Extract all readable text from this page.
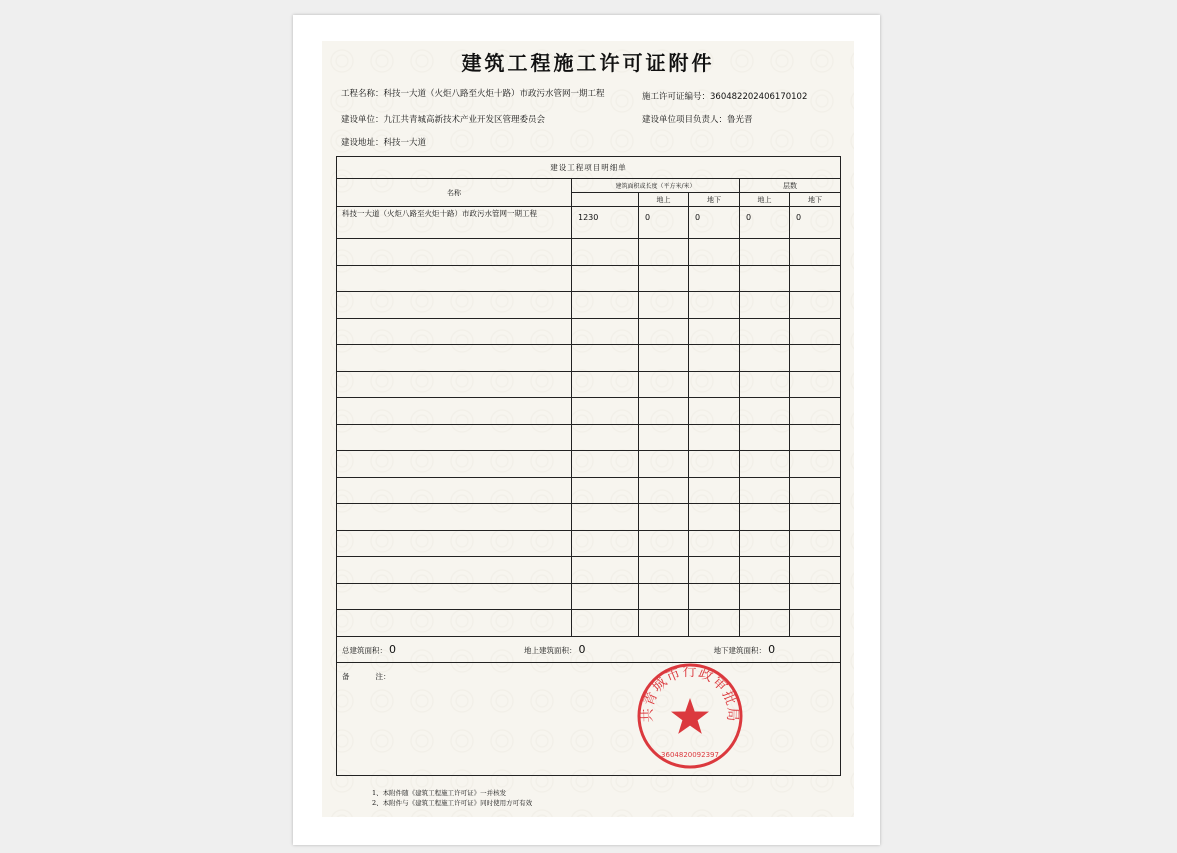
建筑工程施工许可证附件
工程名称： 科技一大道（火炬八路至火炬十路）市政污水管网一期工程	施工许可证编号：360482202406170102
建设单位：九江共青城高新技术产业开发区管理委员会	建设单位项目负责人：鲁光晋
建设地址：科技一大道
建设工程项目明细单					
名称	建筑面积或长度（平方米/米）			层数	
		地上	地下	地上	地下
科技一大道（火炬八路至火炬十路）市政污水管网一期工程	1230	0	0	0	0

总建筑面积： 0 地上建筑面积： 0 地下建筑面积： 0					

备 注：					
1、本附件随《建筑工程施工许可证》一并核发
2、本附件与《建筑工程施工许可证》同时使用方可有效
共青城市行政审批局
3604820092397
